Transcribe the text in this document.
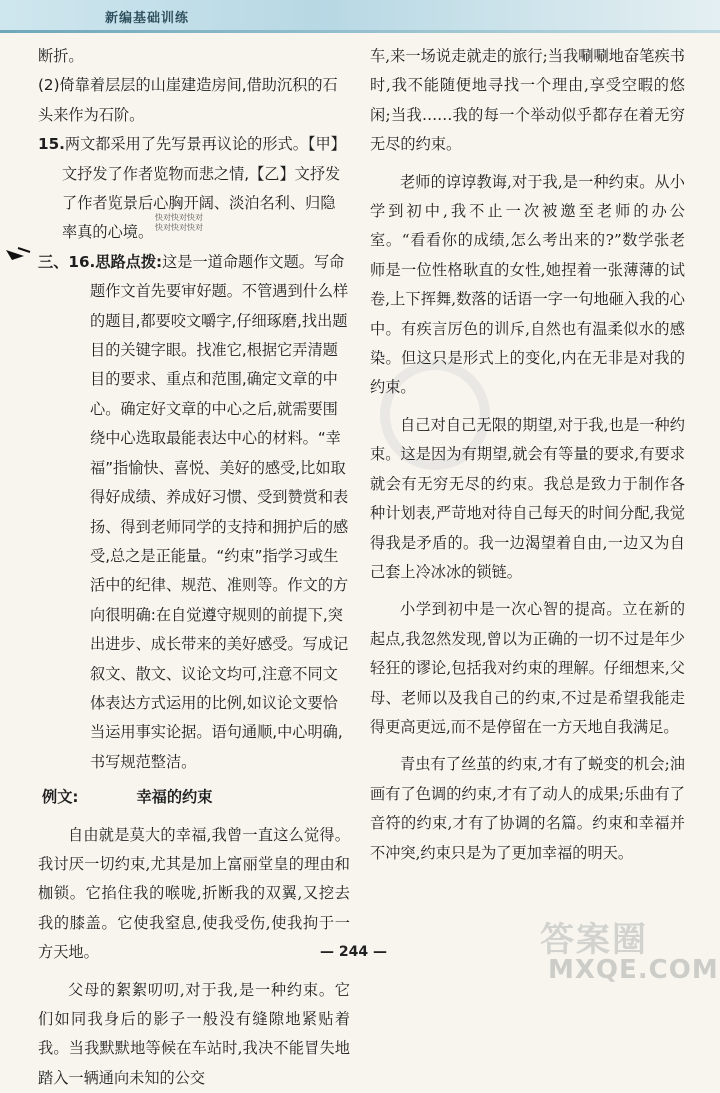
新编基础训练

断折。

(2)倚靠着层层的山崖建造房间,借助沉积的石头来作为石阶。

15.两文都采用了先写景再议论的形式。【甲】文抒发了作者览物而悲之情,【乙】文抒发了作者览景后心胸开阔、淡泊名利、归隐率真的心境。

三、16.思路点拨:这是一道命题作文题。写命题作文首先要审好题。不管遇到什么样的题目,都要咬文嚼字,仔细琢磨,找出题目的关键字眼。找准它,根据它弄清题目的要求、重点和范围,确定文章的中心。确定好文章的中心之后,就需要围绕中心选取最能表达中心的材料。“幸福”指愉快、喜悦、美好的感受,比如取得好成绩、养成好习惯、受到赞赏和表扬、得到老师同学的支持和拥护后的感受,总之是正能量。“约束”指学习或生活中的纪律、规范、准则等。作文的方向很明确:在自觉遵守规则的前提下,突出进步、成长带来的美好感受。写成记叙文、散文、议论文均可,注意不同文体表达方式运用的比例,如议论文要恰当运用事实论据。语句通顺,中心明确,书写规范整洁。

例文:	幸福的约束

自由就是莫大的幸福,我曾一直这么觉得。我讨厌一切约束,尤其是加上富丽堂皇的理由和枷锁。它掐住我的喉咙,折断我的双翼,又挖去我的膝盖。它使我窒息,使我受伤,使我拘于一方天地。

父母的絮絮叨叨,对于我,是一种约束。它们如同我身后的影子一般没有缝隙地紧贴着我。当我默默地等候在车站时,我决不能冒失地踏入一辆通向未知的公交

快对快对快对
快对快对快对

车,来一场说走就走的旅行;当我唰唰地奋笔疾书时,我不能随便地寻找一个理由,享受空暇的悠闲;当我……我的每一个举动似乎都存在着无穷无尽的约束。

老师的谆谆教诲,对于我,是一种约束。从小学到初中,我不止一次被邀至老师的办公室。“看看你的成绩,怎么考出来的?”数学张老师是一位性格耿直的女性,她捏着一张薄薄的试卷,上下挥舞,数落的话语一字一句地砸入我的心中。有疾言厉色的训斥,自然也有温柔似水的感染。但这只是形式上的变化,内在无非是对我的约束。

自己对自己无限的期望,对于我,也是一种约束。这是因为有期望,就会有等量的要求,有要求就会有无穷无尽的约束。我总是致力于制作各种计划表,严苛地对待自己每天的时间分配,我觉得我是矛盾的。我一边渴望着自由,一边又为自己套上冷冰冰的锁链。

小学到初中是一次心智的提高。立在新的起点,我忽然发现,曾以为正确的一切不过是年少轻狂的谬论,包括我对约束的理解。仔细想来,父母、老师以及我自己的约束,不过是希望我能走得更高更远,而不是停留在一方天地自我满足。

青虫有了丝茧的约束,才有了蜕变的机会;油画有了色调的约束,才有了动人的成果;乐曲有了音符的约束,才有了协调的名篇。约束和幸福并不冲突,约束只是为了更加幸福的明天。

— 244 —	答案圈
MXQE.COM
